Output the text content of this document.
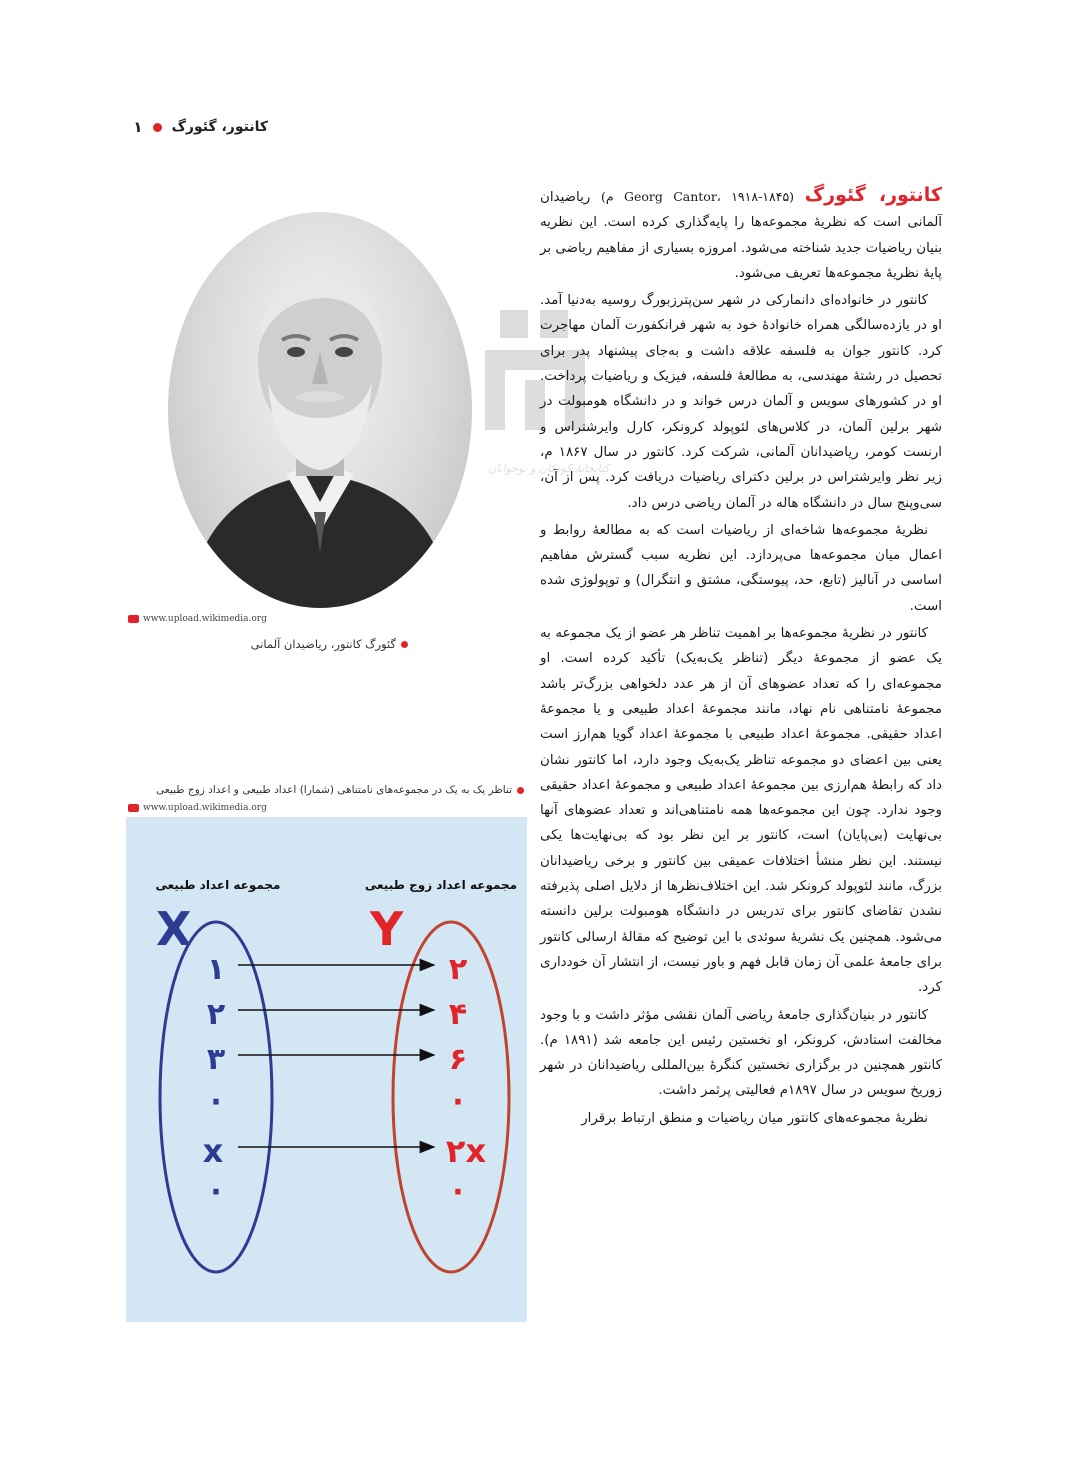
کانتور، گئورگ
۱
کتابخانهٔ کودکان و نوجوانان

کانتور، گئورگ (Georg Cantor، ۱۹۱۸-۱۸۴۵ م) ریاضیدان آلمانی است که نظریهٔ مجموعه‌ها را پایه‌گذاری کرده است. این نظریه بنیان ریاضیات جدید شناخته می‌شود. امروزه بسیاری از مفاهیم ریاضی بر پایهٔ نظریهٔ مجموعه‌ها تعریف می‌شود.

کانتور در خانواده‌ای دانمارکی در شهر سن‌پترزبورگ روسیه به‌دنیا آمد. او در یازده‌سالگی همراه خانوادهٔ خود به شهر فرانکفورت آلمان مهاجرت کرد. کانتور جوان به فلسفه علاقه داشت و به‌جای پیشنهاد پدر برای تحصیل در رشتهٔ مهندسی، به مطالعهٔ فلسفه، فیزیک و ریاضیات پرداخت. او در کشورهای سویس و آلمان درس خواند و در دانشگاه هومبولت در شهر برلین آلمان، در کلاس‌های لئوپولد کرونکر، کارل وایرشتراس و ارنست کومر، ریاضیدانان آلمانی، شرکت کرد. کانتور در سال ۱۸۶۷ م، زیر نظر وایرشتراس در برلین دکترای ریاضیات دریافت کرد. پس از آن، سی‌وپنج سال در دانشگاه هاله در آلمان ریاضی درس داد.

نظریهٔ مجموعه‌ها شاخه‌ای از ریاضیات است که به مطالعهٔ روابط و اعمال میان مجموعه‌ها می‌پردازد. این نظریه سبب گسترش مفاهیم اساسی در آنالیز (تابع، حد، پیوستگی، مشتق و انتگرال) و توپولوژی شده است.

کانتور در نظریهٔ مجموعه‌ها بر اهمیت تناظر هر عضو از یک مجموعه به یک عضو از مجموعهٔ دیگر (تناظر یک‌به‌یک) تأکید کرده است. او مجموعه‌ای را که تعداد عضوهای آن از هر عدد دلخواهی بزرگ‌تر باشد مجموعهٔ نامتناهی نام نهاد، مانند مجموعهٔ اعداد طبیعی و یا مجموعهٔ اعداد حقیقی. مجموعهٔ اعداد طبیعی با مجموعهٔ اعداد گویا هم‌ارز است یعنی بین اعضای دو مجموعه تناظر یک‌به‌یک وجود دارد، اما کانتور نشان داد که رابطهٔ هم‌ارزی بین مجموعهٔ اعداد طبیعی و مجموعهٔ اعداد حقیقی وجود ندارد. چون این مجموعه‌ها همه نامتناهی‌اند و تعداد عضوهای آنها بی‌نهایت (بی‌پایان) است، کانتور بر این نظر بود که بی‌نهایت‌ها یکی نیستند. این نظر منشأ اختلافات عمیقی بین کانتور و برخی ریاضیدانان بزرگ، مانند لئوپولد کرونکر شد. این اختلاف‌نظرها از دلایل اصلی پذیرفته نشدن تقاضای کانتور برای تدریس در دانشگاه هومبولت برلین دانسته می‌شود. همچنین یک نشریهٔ سوئدی با این توضیح که مقالهٔ ارسالی کانتور برای جامعهٔ علمی آن زمان قابل فهم و باور نیست، از انتشار آن خودداری کرد.

کانتور در بنیان‌گذاری جامعهٔ ریاضی آلمان نقشی مؤثر داشت و با وجود مخالفت استادش، کرونکر، او نخستین رئیس این جامعه شد (۱۸۹۱ م). کانتور همچنین در برگزاری نخستین کنگرهٔ بین‌المللی ریاضیدانان در شهر زوریخ سویس در سال ۱۸۹۷م فعالیتی پرثمر داشت.

نظریهٔ مجموعه‌های کانتور میان ریاضیات و منطق ارتباط برقرار

www.upload.wikimedia.org
گئورگ کانتور، ریاضیدان آلمانی
تناظر یک به یک در مجموعه‌های نامتناهی (شمارا) اعداد طبیعی و اعداد زوج طبیعی
www.upload.wikimedia.org
مجموعه اعداد طبیعی	مجموعه اعداد زوج طبیعی
X	Y
۱
۲
۳
·
x
·
۲
۴
۶
·
۲x
·
